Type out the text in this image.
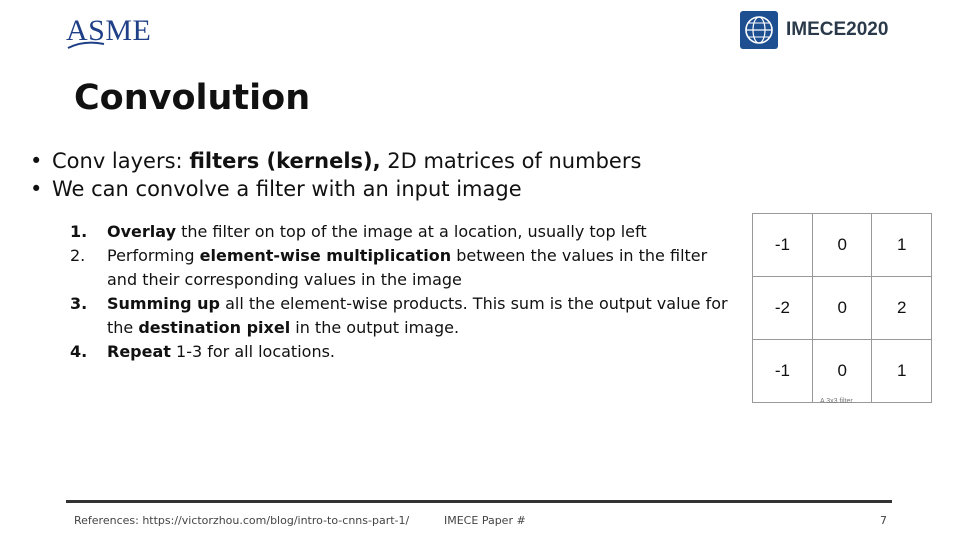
ASME	IMECE2020
Convolution
• Conv layers: filters (kernels), 2D matrices of numbers
• We can convolve a filter with an input image
1.	Overlay the filter on top of the image at a location, usually top left
2.	Performing element-wise multiplication between the values in the filter and their corresponding values in the image
3.	Summing up all the element-wise products. This sum is the output value for the destination pixel in the output image.
4.	Repeat 1-3 for all locations.
-1	0	1
-2	0	2
-1	0	1
A 3x3 filter
References: https://victorzhou.com/blog/intro-to-cnns-part-1/	IMECE Paper #	7
